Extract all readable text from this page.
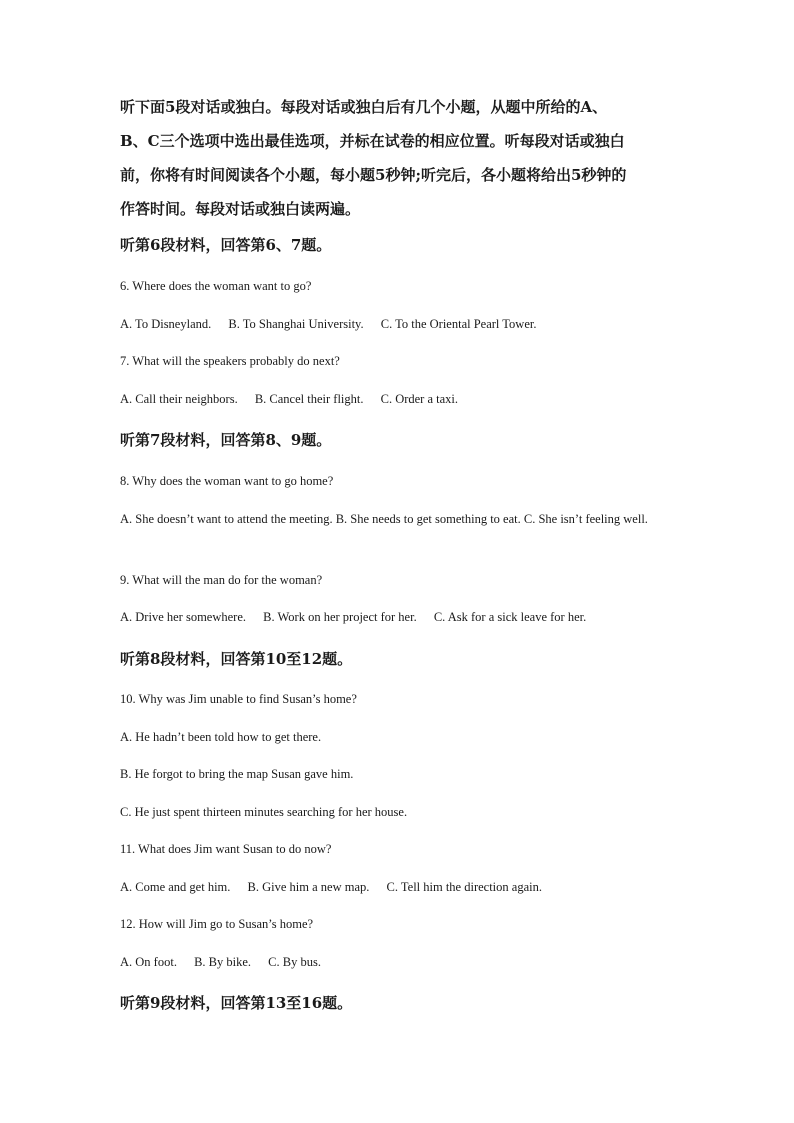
听下面5段对话或独白。每段对话或独白后有几个小题，从题中所给的A、
B、C三个选项中选出最佳选项，并标在试卷的相应位置。听每段对话或独白
前，你将有时间阅读各个小题，每小题5秒钟;听完后，各小题将给出5秒钟的
作答时间。每段对话或独白读两遍。
听第6段材料，回答第6、7题。
6. Where does the woman want to go?
A. To Disneyland. B. To Shanghai University. C. To the Oriental Pearl Tower.
7. What will the speakers probably do next?
A. Call their neighbors. B. Cancel their flight. C. Order a taxi.
听第7段材料，回答第8、9题。
8. Why does the woman want to go home?
A. She doesn’t want to attend the meeting. B. She needs to get something to eat. C. She isn’t feeling well.
9. What will the man do for the woman?
A. Drive her somewhere. B. Work on her project for her. C. Ask for a sick leave for her.
听第8段材料，回答第10至12题。
10. Why was Jim unable to find Susan’s home?
A. He hadn’t been told how to get there.
B. He forgot to bring the map Susan gave him.
C. He just spent thirteen minutes searching for her house.
11. What does Jim want Susan to do now?
A. Come and get him. B. Give him a new map. C. Tell him the direction again.
12. How will Jim go to Susan’s home?
A. On foot. B. By bike. C. By bus.
听第9段材料，回答第13至16题。
